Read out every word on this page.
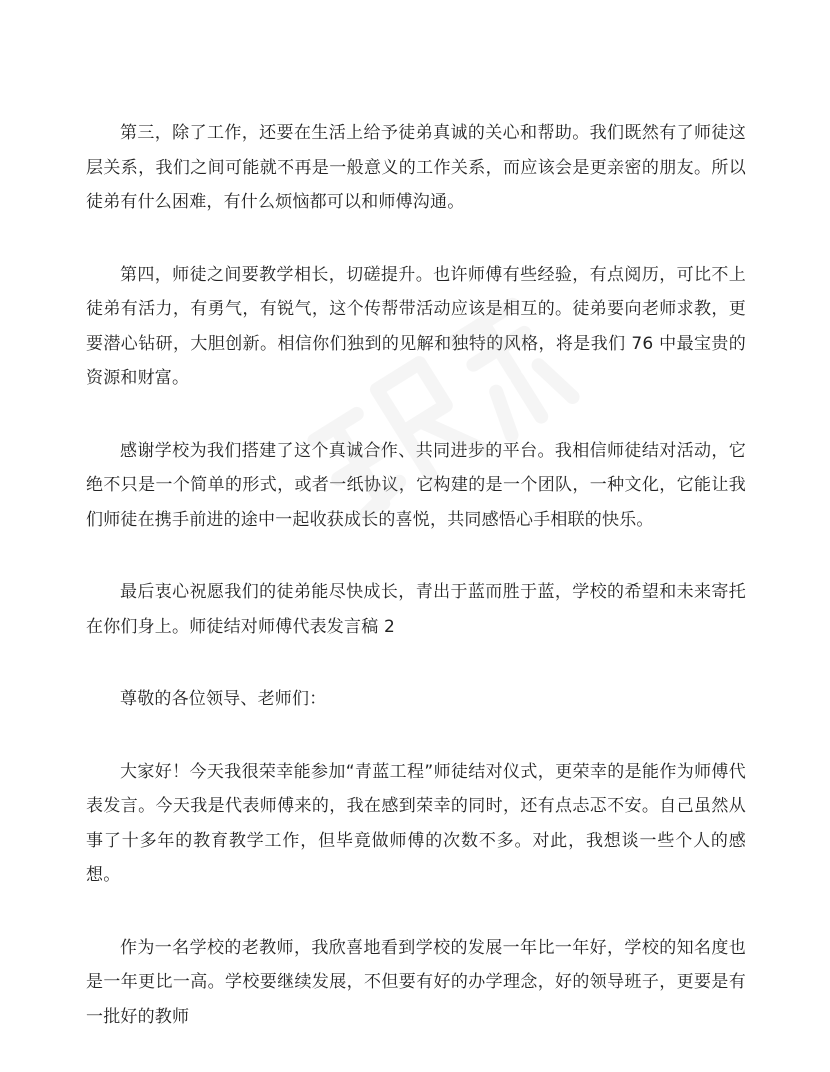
第三，除了工作，还要在生活上给予徒弟真诚的关心和帮助。我们既然有了师徒这层关系，我们之间可能就不再是一般意义的工作关系，而应该会是更亲密的朋友。所以徒弟有什么困难，有什么烦恼都可以和师傅沟通。

第四，师徒之间要教学相长，切磋提升。也许师傅有些经验，有点阅历，可比不上徒弟有活力，有勇气，有锐气，这个传帮带活动应该是相互的。徒弟要向老师求教，更要潜心钻研，大胆创新。相信你们独到的见解和独特的风格，将是我们 76 中最宝贵的资源和财富。

感谢学校为我们搭建了这个真诚合作、共同进步的平台。我相信师徒结对活动，它绝不只是一个简单的形式，或者一纸协议，它构建的是一个团队，一种文化，它能让我们师徒在携手前进的途中一起收获成长的喜悦，共同感悟心手相联的快乐。

最后衷心祝愿我们的徒弟能尽快成长，青出于蓝而胜于蓝，学校的希望和未来寄托在你们身上。师徒结对师傅代表发言稿 2

尊敬的各位领导、老师们：

大家好！今天我很荣幸能参加“青蓝工程”师徒结对仪式，更荣幸的是能作为师傅代表发言。今天我是代表师傅来的，我在感到荣幸的同时，还有点忐忑不安。自己虽然从事了十多年的教育教学工作，但毕竟做师傅的次数不多。对此，我想谈一些个人的感想。

作为一名学校的老教师，我欣喜地看到学校的发展一年比一年好，学校的知名度也是一年更比一高。学校要继续发展，不但要有好的办学理念，好的领导班子，更要是有一批好的教师
